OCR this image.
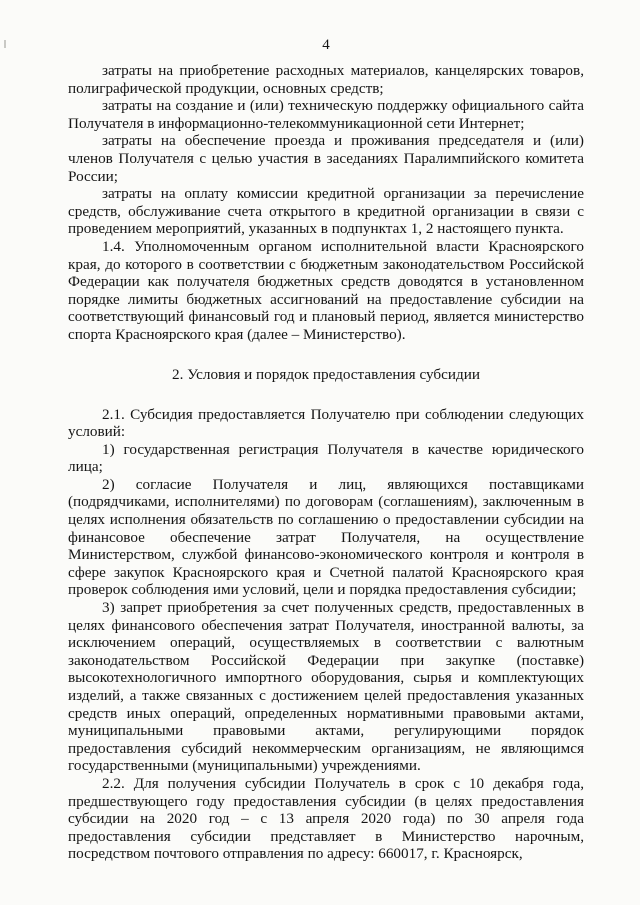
4

затраты на приобретение расходных материалов, канцелярских товаров, полиграфической продукции, основных средств;

затраты на создание и (или) техническую поддержку официального сайта Получателя в информационно-телекоммуникационной сети Интернет;

затраты на обеспечение проезда и проживания председателя и (или) членов Получателя с целью участия в заседаниях Паралимпийского комитета России;

затраты на оплату комиссии кредитной организации за перечисление средств, обслуживание счета открытого в кредитной организации в связи с проведением мероприятий, указанных в подпунктах 1, 2 настоящего пункта.

1.4. Уполномоченным органом исполнительной власти Красноярского края, до которого в соответствии с бюджетным законодательством Российской Федерации как получателя бюджетных средств доводятся в установленном порядке лимиты бюджетных ассигнований на предоставление субсидии на соответствующий финансовый год и плановый период, является министерство спорта Красноярского края (далее – Министерство).

2. Условия и порядок предоставления субсидии

2.1. Субсидия предоставляется Получателю при соблюдении следующих условий:

1) государственная регистрация Получателя в качестве юридического лица;

2) согласие Получателя и лиц, являющихся поставщиками (подрядчиками, исполнителями) по договорам (соглашениям), заключенным в целях исполнения обязательств по соглашению о предоставлении субсидии на финансовое обеспечение затрат Получателя, на осуществление Министерством, службой финансово-экономического контроля и контроля в сфере закупок Красноярского края и Счетной палатой Красноярского края проверок соблюдения ими условий, цели и порядка предоставления субсидии;

3) запрет приобретения за счет полученных средств, предоставленных в целях финансового обеспечения затрат Получателя, иностранной валюты, за исключением операций, осуществляемых в соответствии с валютным законодательством Российской Федерации при закупке (поставке) высокотехнологичного импортного оборудования, сырья и комплектующих изделий, а также связанных с достижением целей предоставления указанных средств иных операций, определенных нормативными правовыми актами, муниципальными правовыми актами, регулирующими порядок предоставления субсидий некоммерческим организациям, не являющимся государственными (муниципальными) учреждениями.

2.2. Для получения субсидии Получатель в срок с 10 декабря года, предшествующего году предоставления субсидии (в целях предоставления субсидии на 2020 год – с 13 апреля 2020 года) по 30 апреля года предоставления субсидии представляет в Министерство нарочным, посредством почтового отправления по адресу: 660017, г. Красноярск,
